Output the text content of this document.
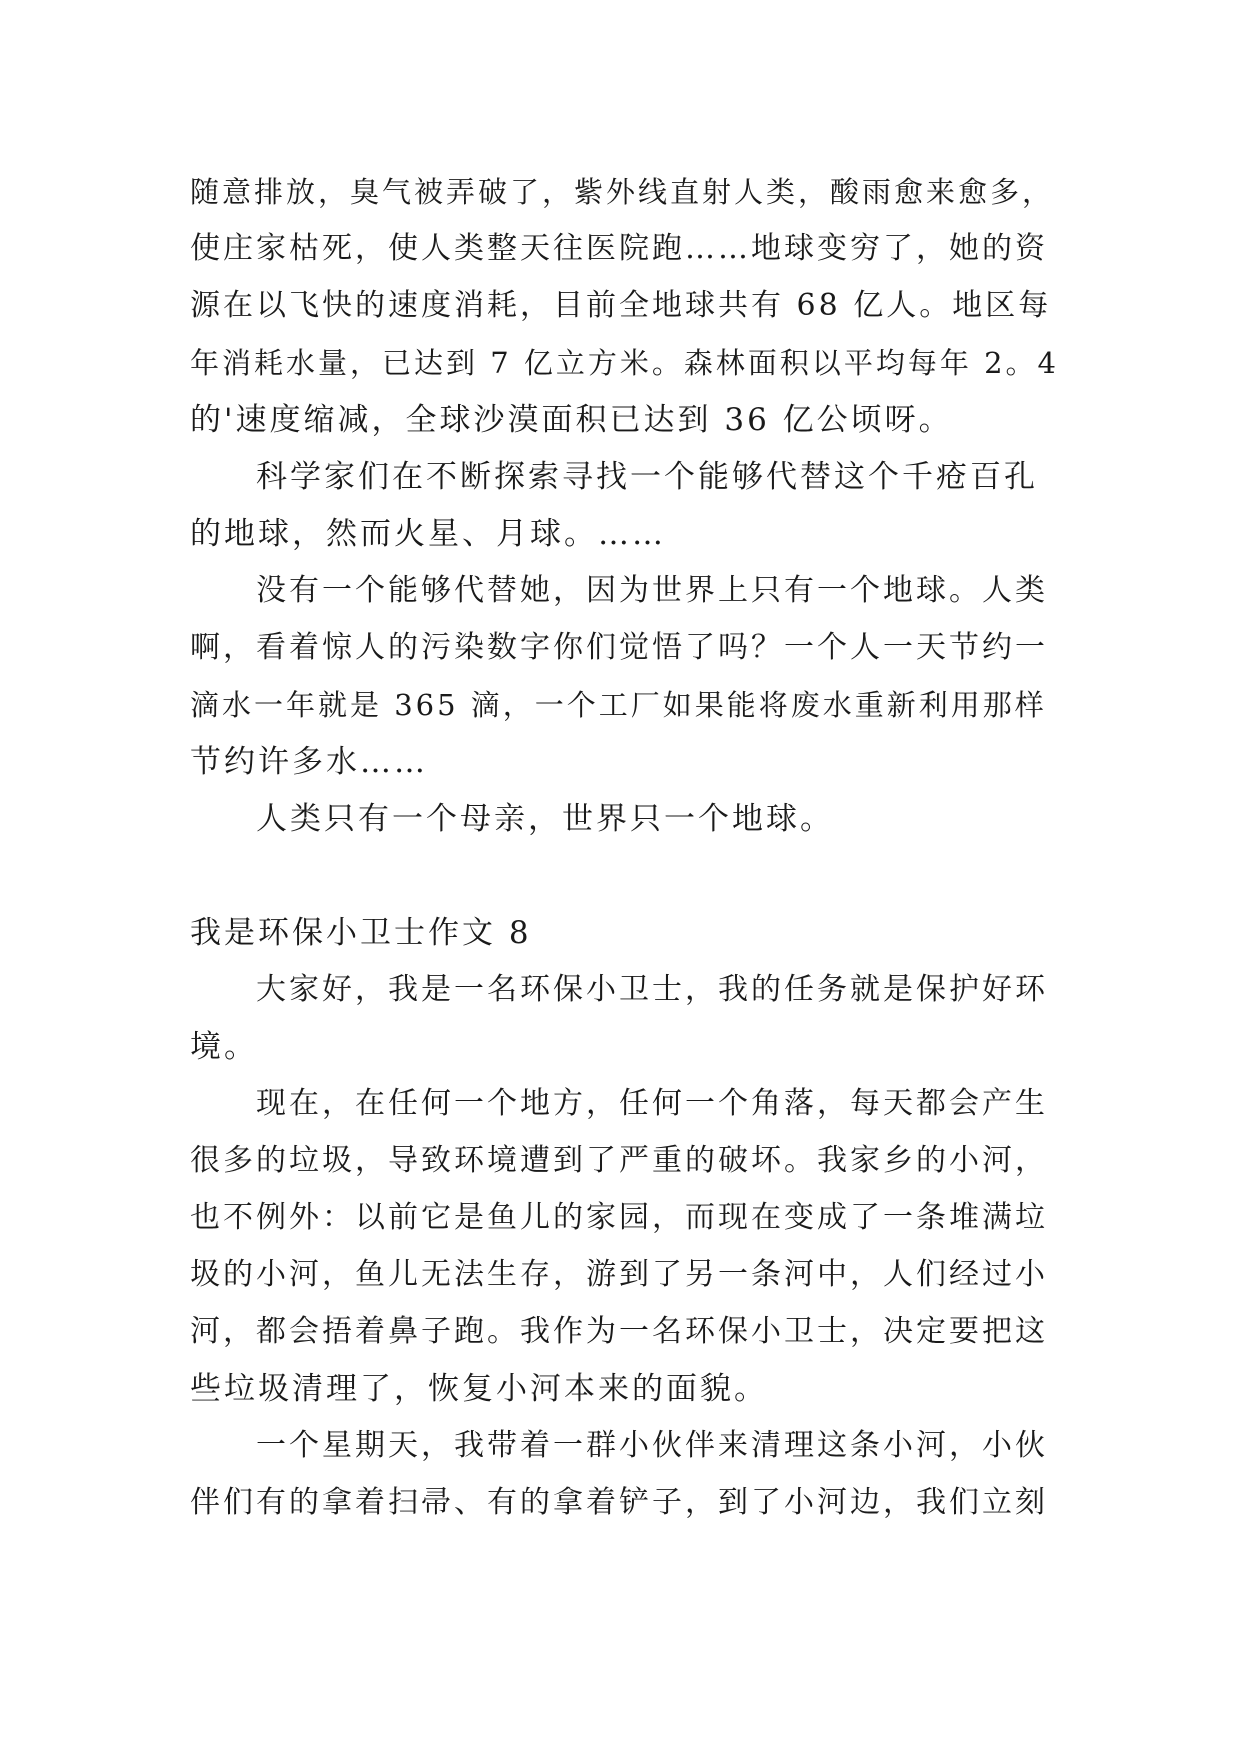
随意排放，臭气被弄破了，紫外线直射人类，酸雨愈来愈多，
使庄家枯死，使人类整天往医院跑……地球变穷了，她的资
源在以飞快的速度消耗，目前全地球共有 68 亿人。地区每
年消耗水量，已达到 7 亿立方米。森林面积以平均每年 2。4
的'速度缩减，全球沙漠面积已达到 36 亿公顷呀。
科学家们在不断探索寻找一个能够代替这个千疮百孔
的地球，然而火星、月球。……
没有一个能够代替她，因为世界上只有一个地球。人类
啊，看着惊人的污染数字你们觉悟了吗？一个人一天节约一
滴水一年就是 365 滴，一个工厂如果能将废水重新利用那样
节约许多水……
人类只有一个母亲，世界只一个地球。
我是环保小卫士作文 8
大家好，我是一名环保小卫士，我的任务就是保护好环
境。
现在，在任何一个地方，任何一个角落，每天都会产生
很多的垃圾，导致环境遭到了严重的破坏。我家乡的小河，
也不例外：以前它是鱼儿的家园，而现在变成了一条堆满垃
圾的小河，鱼儿无法生存，游到了另一条河中，人们经过小
河，都会捂着鼻子跑。我作为一名环保小卫士，决定要把这
些垃圾清理了，恢复小河本来的面貌。
一个星期天，我带着一群小伙伴来清理这条小河，小伙
伴们有的拿着扫帚、有的拿着铲子，到了小河边，我们立刻
